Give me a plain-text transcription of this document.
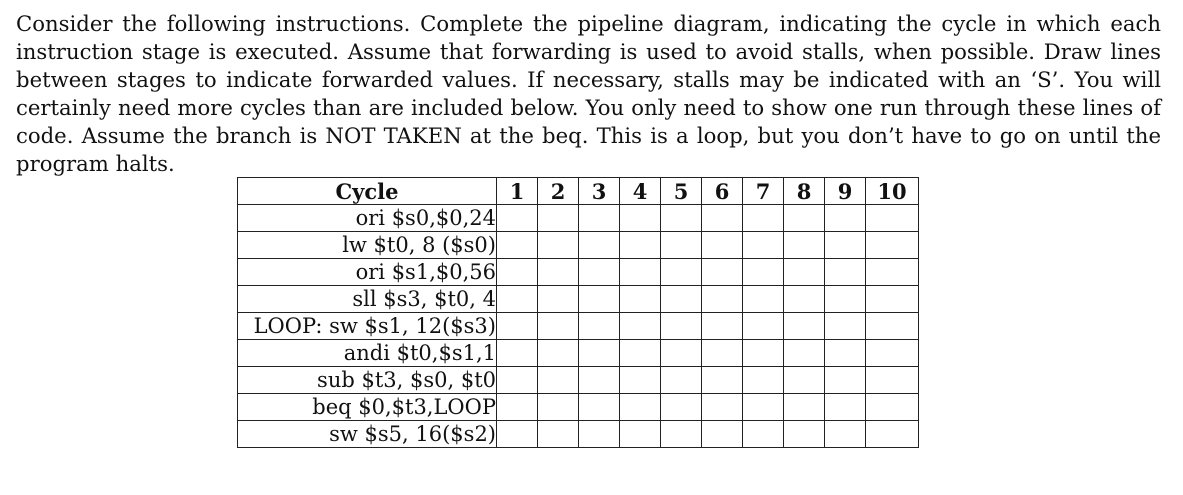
Consider the following instructions. Complete the pipeline diagram, indicating the cycle in which each instruction stage is executed. Assume that forwarding is used to avoid stalls, when possible. Draw lines between stages to indicate forwarded values. If necessary, stalls may be indicated with an ‘S’. You will certainly need more cycles than are included below. You only need to show one run through these lines of code. Assume the branch is NOT TAKEN at the beq. This is a loop, but you don’t have to go on until the program halts.

Cycle	1	2	3	4	5	6	7	8	9	10
ori $s0,$0,24										
lw $t0, 8 ($s0)										
ori $s1,$0,56										
sll $s3, $t0, 4										
LOOP: sw $s1, 12($s3)										
andi $t0,$s1,1										
sub $t3, $s0, $t0										
beq $0,$t3,LOOP										
sw $s5, 16($s2)										
